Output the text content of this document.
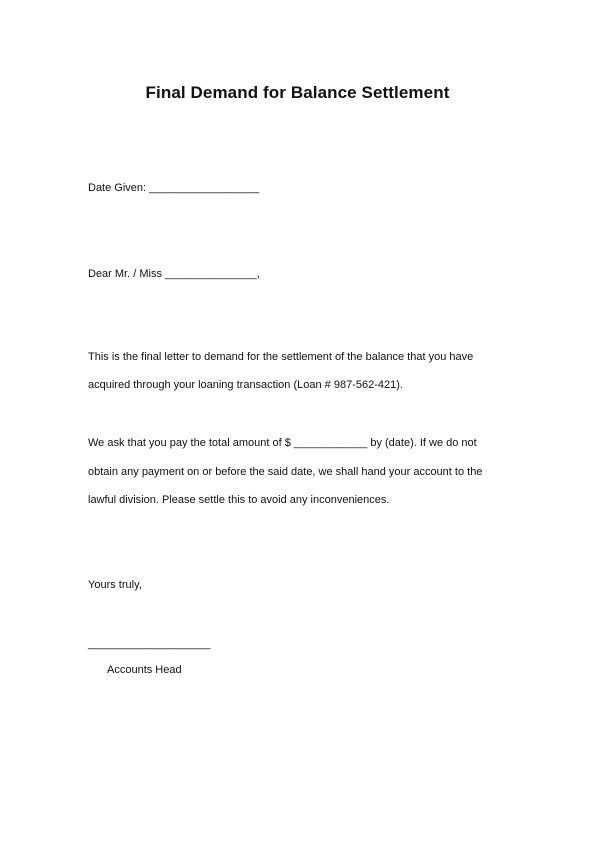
Final Demand for Balance Settlement
Date Given: __________________
Dear Mr. / Miss _______________,
This is the final letter to demand for the settlement of the balance that you have
acquired through your loaning transaction (Loan # 987-562-421).
We ask that you pay the total amount of $ ____________ by (date). If we do not
obtain any payment on or before the said date, we shall hand your account to the
lawful division. Please settle this to avoid any inconveniences.
Yours truly,
____________________
Accounts Head
